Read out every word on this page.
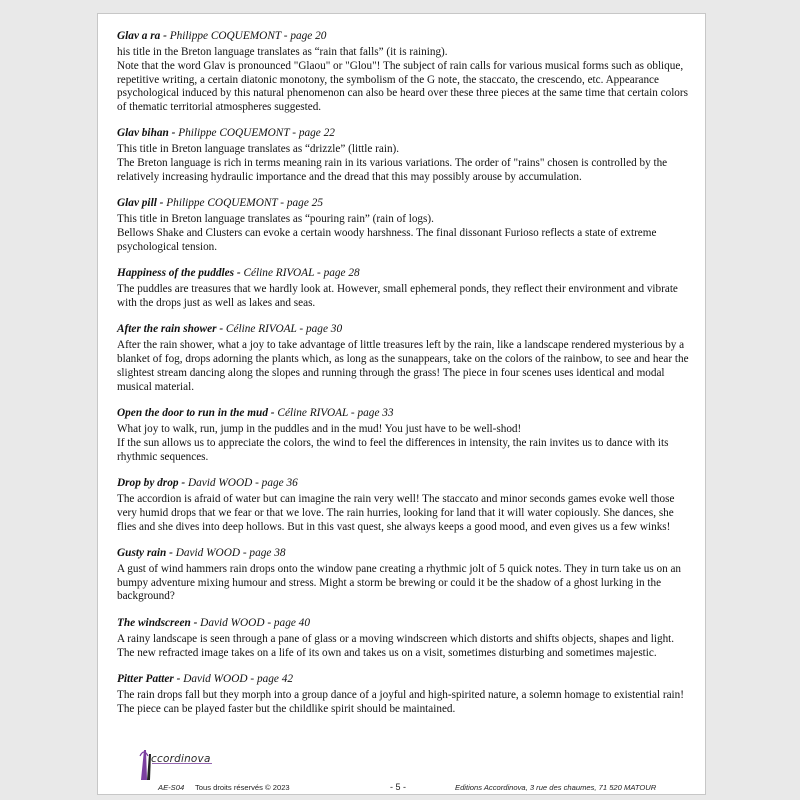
Glav a ra - Philippe COQUEMONT - page 20

his title in the Breton language translates as “rain that falls” (it is raining).

Note that the word Glav is pronounced "Glaou" or "Glou"! The subject of rain calls for various musical forms such as oblique, repetitive writing, a certain diatonic monotony, the symbolism of the G note, the staccato, the crescendo, etc. Appearance psychological induced by this natural phenomenon can also be heard over these three pieces at the same time that certain colors of thematic territorial atmospheres suggested.

Glav bihan - Philippe COQUEMONT - page 22

This title in Breton language translates as “drizzle” (little rain).

The Breton language is rich in terms meaning rain in its various variations. The order of "rains" chosen is controlled by the relatively increasing hydraulic importance and the dread that this may possibly arouse by accumulation.

Glav pill - Philippe COQUEMONT - page 25

This title in Breton language translates as “pouring rain” (rain of logs).

Bellows Shake and Clusters can evoke a certain woody harshness. The final dissonant Furioso reflects a state of extreme psychological tension.

Happiness of the puddles - Céline RIVOAL - page 28

The puddles are treasures that we hardly look at. However, small ephemeral ponds, they reflect their environment and vibrate with the drops just as well as lakes and seas.

After the rain shower - Céline RIVOAL - page 30

After the rain shower, what a joy to take advantage of little treasures left by the rain, like a landscape rendered mysterious by a blanket of fog, drops adorning the plants which, as long as the sunappears, take on the colors of the rainbow, to see and hear the slightest stream dancing along the slopes and running through the grass! The piece in four scenes uses identical and modal musical material.

Open the door to run in the mud - Céline RIVOAL - page 33

What joy to walk, run, jump in the puddles and in the mud! You just have to be well-shod!

If the sun allows us to appreciate the colors, the wind to feel the differences in intensity, the rain invites us to dance with its rhythmic sequences.

Drop by drop - David WOOD - page 36

The accordion is afraid of water but can imagine the rain very well! The staccato and minor seconds games evoke well those very humid drops that we fear or that we love. The rain hurries, looking for land that it will water copiously. She dances, she flies and she dives into deep hollows. But in this vast quest, she always keeps a good mood, and even gives us a few winks!

Gusty rain - David WOOD - page 38

A gust of wind hammers rain drops onto the window pane creating a rhythmic jolt of 5 quick notes. They in turn take us on an bumpy adventure mixing humour and stress. Might a storm be brewing or could it be the shadow of a ghost lurking in the background?

The windscreen - David WOOD - page 40

A rainy landscape is seen through a pane of glass or a moving windscreen which distorts and shifts objects, shapes and light. The new refracted image takes on a life of its own and takes us on a visit, sometimes disturbing and sometimes majestic.

Pitter Patter - David WOOD - page 42

The rain drops fall but they morph into a group dance of a joyful and high-spirited nature, a solemn homage to existential rain! The piece can be played faster but the childlike spirit should be maintained.

ccordinova
AE-S04 Tous droits réservés © 2023	- 5 -	Editions Accordinova, 3 rue des chaumes, 71 520 MATOUR
